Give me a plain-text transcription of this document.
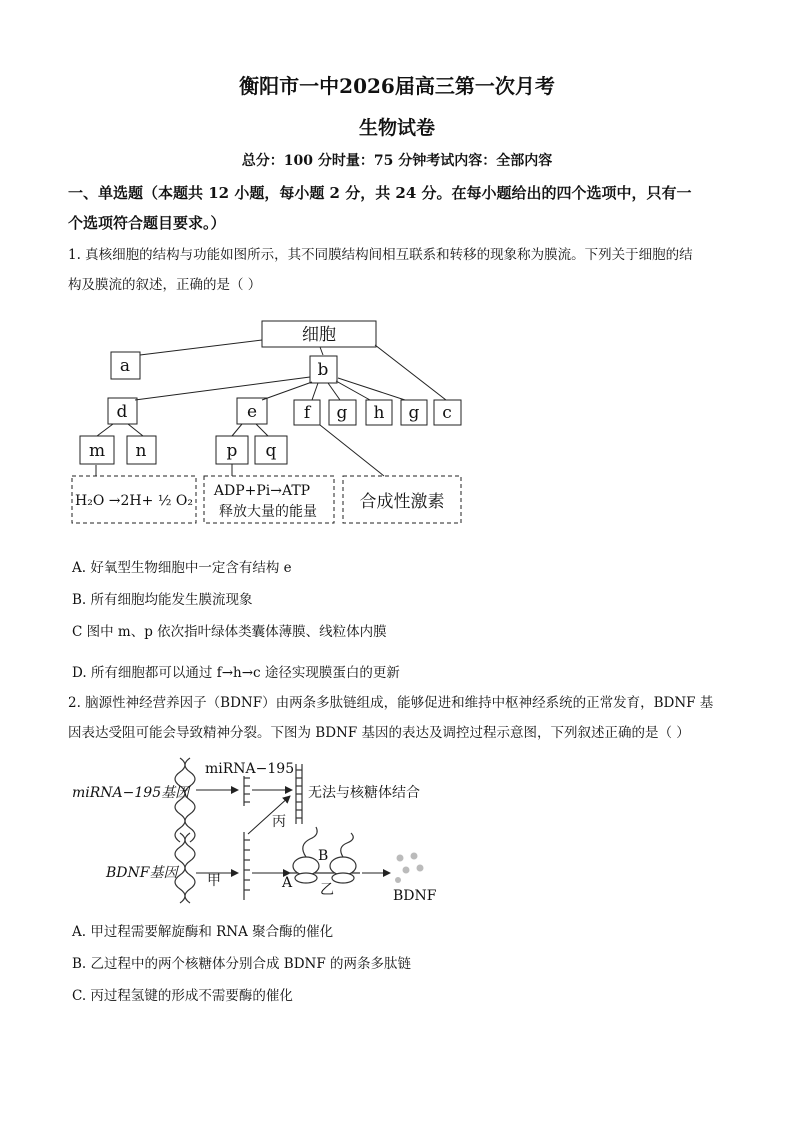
衡阳市一中2026届高三第一次月考
生物试卷
总分：100 分时量：75 分钟考试内容：全部内容
一、单选题（本题共 12 小题，每小题 2 分，共 24 分。在每小题给出的四个选项中，只有一
个选项符合题目要求。）
1. 真核细胞的结构与功能如图所示，其不同膜结构间相互联系和转移的现象称为膜流。下列关于细胞的结
构及膜流的叙述，正确的是（ ）
细胞
a	b
d	e	f g h g c
m n	p q
H₂O →2H+ ½ O₂
ADP+Pi→ATP
释放大量的能量	合成性激素
A. 好氧型生物细胞中一定含有结构 e
B. 所有细胞均能发生膜流现象
C 图中 m、p 依次指叶绿体类囊体薄膜、线粒体内膜
D. 所有细胞都可以通过 f→h→c 途径实现膜蛋白的更新
2. 脑源性神经营养因子（BDNF）由两条多肽链组成，能够促进和维持中枢神经系统的正常发育，BDNF 基
因表达受阻可能会导致精神分裂。下图为 BDNF 基因的表达及调控过程示意图，下列叙述正确的是（ ）
miRNA−195基因
miRNA−195
无法与核糖体结合
丙
BDNF基因 甲	A
B
乙	BDNF
A. 甲过程需要解旋酶和 RNA 聚合酶的催化
B. 乙过程中的两个核糖体分别合成 BDNF 的两条多肽链
C. 丙过程氢键的形成不需要酶的催化
